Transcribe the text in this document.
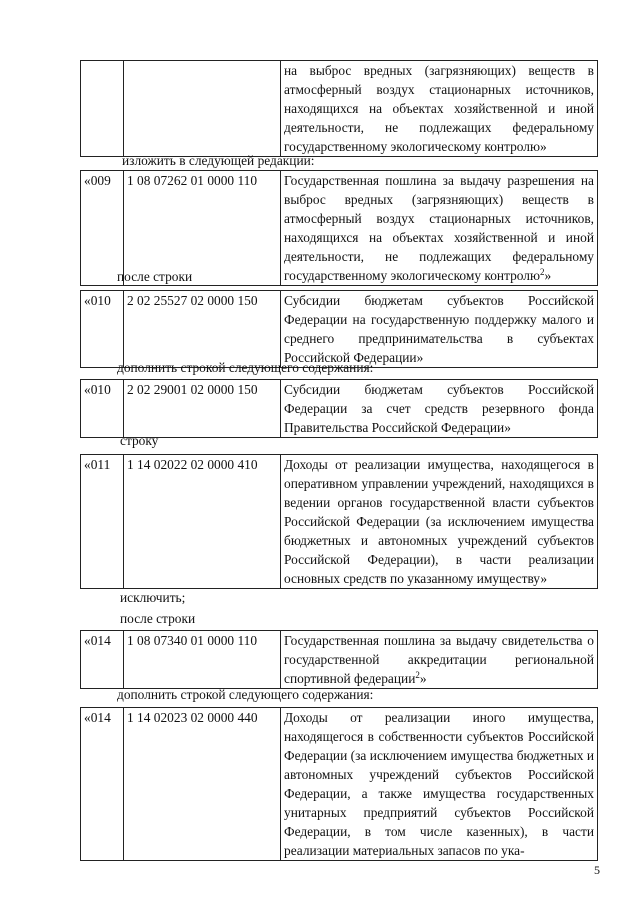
		на выброс вредных (загрязняющих) веществ в атмосферный воздух стационарных источников, находящихся на объектах хозяйственной и иной деятельности, не подлежащих федеральному государственному экологическому контролю»
изложить в следующей редакции:
«009	1 08 07262 01 0000 110	Государственная пошлина за выдачу разрешения на выброс вредных (загрязняющих) веществ в атмосферный воздух стационарных источников, находящихся на объектах хозяйственной и иной деятельности, не подлежащих федеральному государственному экологическому контролю$^2$»
после строки
«010	2 02 25527 02 0000 150	Субсидии бюджетам субъектов Российской Федерации на государственную поддержку малого и среднего предпринимательства в субъектах Российской Федерации»
дополнить строкой следующего содержания:
«010	2 02 29001 02 0000 150	Субсидии бюджетам субъектов Российской Федерации за счет средств резервного фонда Правительства Российской Федерации»
строку
«011	1 14 02022 02 0000 410	Доходы от реализации имущества, находящегося в оперативном управлении учреждений, находящихся в ведении органов государственной власти субъектов Российской Федерации (за исключением имущества бюджетных и автономных учреждений субъектов Российской Федерации), в части реализации основных средств по указанному имуществу»
исключить;
после строки
«014	1 08 07340 01 0000 110	Государственная пошлина за выдачу свидетельства о государственной аккредитации региональной спортивной федерации$^2$»
дополнить строкой следующего содержания:
«014	1 14 02023 02 0000 440	Доходы от реализации иного имущества, находящегося в собственности субъектов Российской Федерации (за исключением имущества бюджетных и автономных учреждений субъектов Российской Федерации, а также имущества государственных унитарных предприятий субъектов Российской Федерации, в том числе казенных), в части реализации материальных запасов по ука-
5
